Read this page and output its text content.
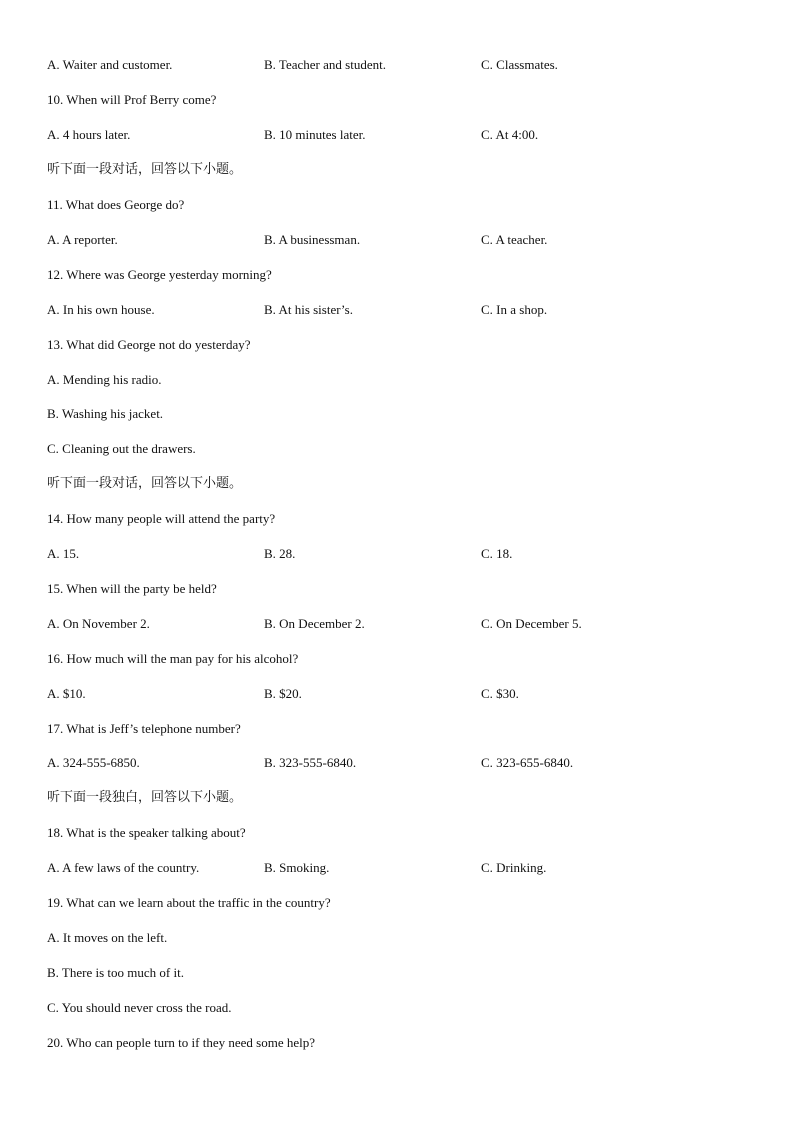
A. Waiter and customer.	B. Teacher and student.	C. Classmates.
10. When will Prof Berry come?
A. 4 hours later.	B. 10 minutes later.	C. At 4:00.
听下面一段对话，回答以下小题。
11. What does George do?
A. A reporter.	B. A businessman.	C. A teacher.
12. Where was George yesterday morning?
A. In his own house.	B. At his sister’s.	C. In a shop.
13. What did George not do yesterday?
A. Mending his radio.
B. Washing his jacket.
C. Cleaning out the drawers.
听下面一段对话，回答以下小题。
14. How many people will attend the party?
A. 15.	B. 28.	C. 18.
15. When will the party be held?
A. On November 2.	B. On December 2.	C. On December 5.
16. How much will the man pay for his alcohol?
A. $10.	B. $20.	C. $30.
17. What is Jeff’s telephone number?
A. 324-555-6850.	B. 323-555-6840.	C. 323-655-6840.
听下面一段独白，回答以下小题。
18. What is the speaker talking about?
A. A few laws of the country.	B. Smoking.	C. Drinking.
19. What can we learn about the traffic in the country?
A. It moves on the left.
B. There is too much of it.
C. You should never cross the road.
20. Who can people turn to if they need some help?
